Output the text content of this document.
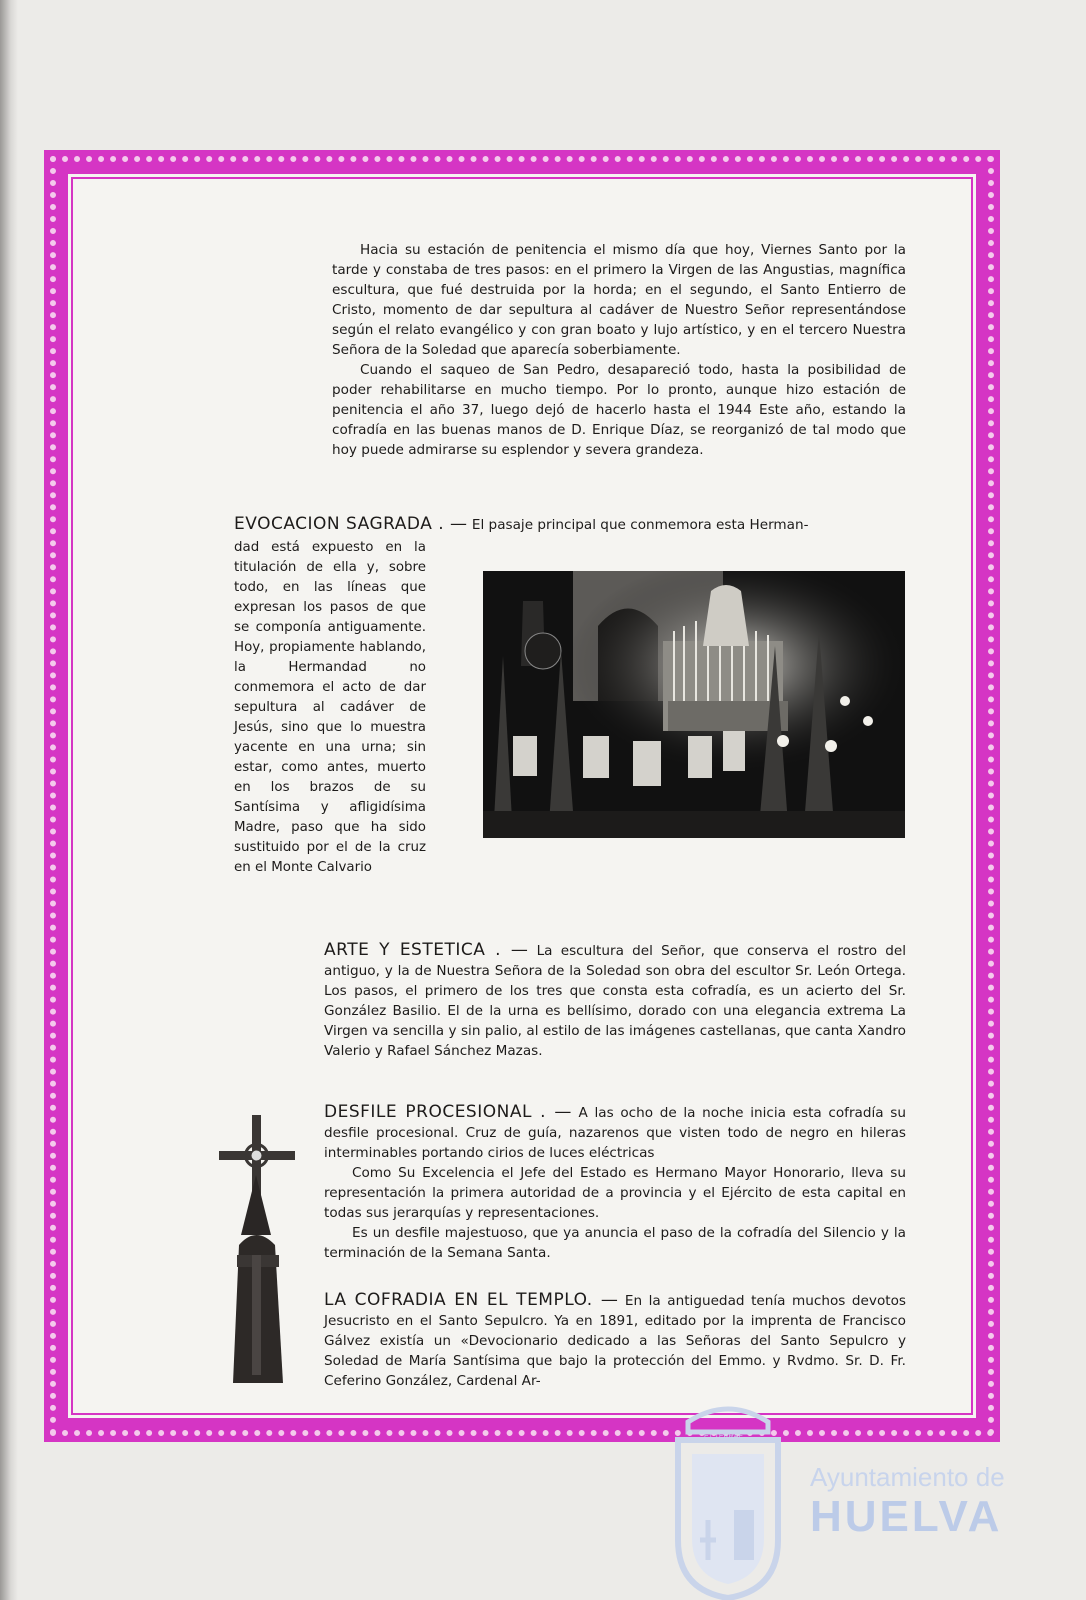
Hacia su estación de penitencia el mismo día que hoy, Viernes Santo por la tarde y constaba de tres pasos: en el primero la Virgen de las Angustias, magnífica escultura, que fué destruida por la horda; en el segundo, el Santo Entierro de Cristo, momento de dar sepultura al cadáver de Nuestro Señor representándose según el relato evangélico y con gran boato y lujo artístico, y en el tercero Nuestra Señora de la Soledad que aparecía soberbiamente.

Cuando el saqueo de San Pedro, desapareció todo, hasta la posibilidad de poder rehabilitarse en mucho tiempo. Por lo pronto, aunque hizo estación de penitencia el año 37, luego dejó de hacerlo hasta el 1944 Este año, estando la cofradía en las buenas manos de D. Enrique Díaz, se reorganizó de tal modo que hoy puede admirarse su esplendor y severa grandeza.

EVOCACION SAGRADA . — El pasaje principal que conmemora esta Herman-
dad está expuesto en la titulación de ella y, sobre todo, en las líneas que expresan los pasos de que se componía antiguamente. Hoy, propiamente hablando, la Hermandad no conmemora el acto de dar sepultura al cadáver de Jesús, sino que lo muestra yacente en una urna; sin estar, como antes, muerto en los brazos de su Santísima y afligidísima Madre, paso que ha sido sustituido por el de la cruz en el Monte Calvario
ARTE Y ESTETICA . — La escultura del Señor, que conserva el rostro del antiguo, y la de Nuestra Señora de la Soledad son obra del escultor Sr. León Ortega. Los pasos, el primero de los tres que consta esta cofradía, es un acierto del Sr. González Basilio. El de la urna es bellísimo, dorado con una elegancia extrema La Virgen va sencilla y sin palio, al estilo de las imágenes castellanas, que canta Xandro Valerio y Rafael Sánchez Mazas.

DESFILE PROCESIONAL . — A las ocho de la noche inicia esta cofradía su desfile procesional. Cruz de guía, nazarenos que visten todo de negro en hileras interminables portando cirios de luces eléctricas

Como Su Excelencia el Jefe del Estado es Hermano Mayor Honorario, lleva su representación la primera autoridad de a provincia y el Ejército de esta capital en todas sus jerarquías y representaciones.

Es un desfile majestuoso, que ya anuncia el paso de la cofradía del Silencio y la terminación de la Semana Santa.

LA COFRADIA EN EL TEMPLO. — En la antiguedad tenía muchos devotos Jesucristo en el Santo Sepulcro. Ya en 1891, editado por la imprenta de Francisco Gálvez existía un «Devocionario dedicado a las Señoras del Santo Sepulcro y Soledad de María Santísima que bajo la protección del Emmo. y Rvdmo. Sr. D. Fr. Ceferino González, Cardenal Ar-
PORTUS MARIS	CUSTODIA
ET TERRAE
Ayuntamiento de
HUELVA
